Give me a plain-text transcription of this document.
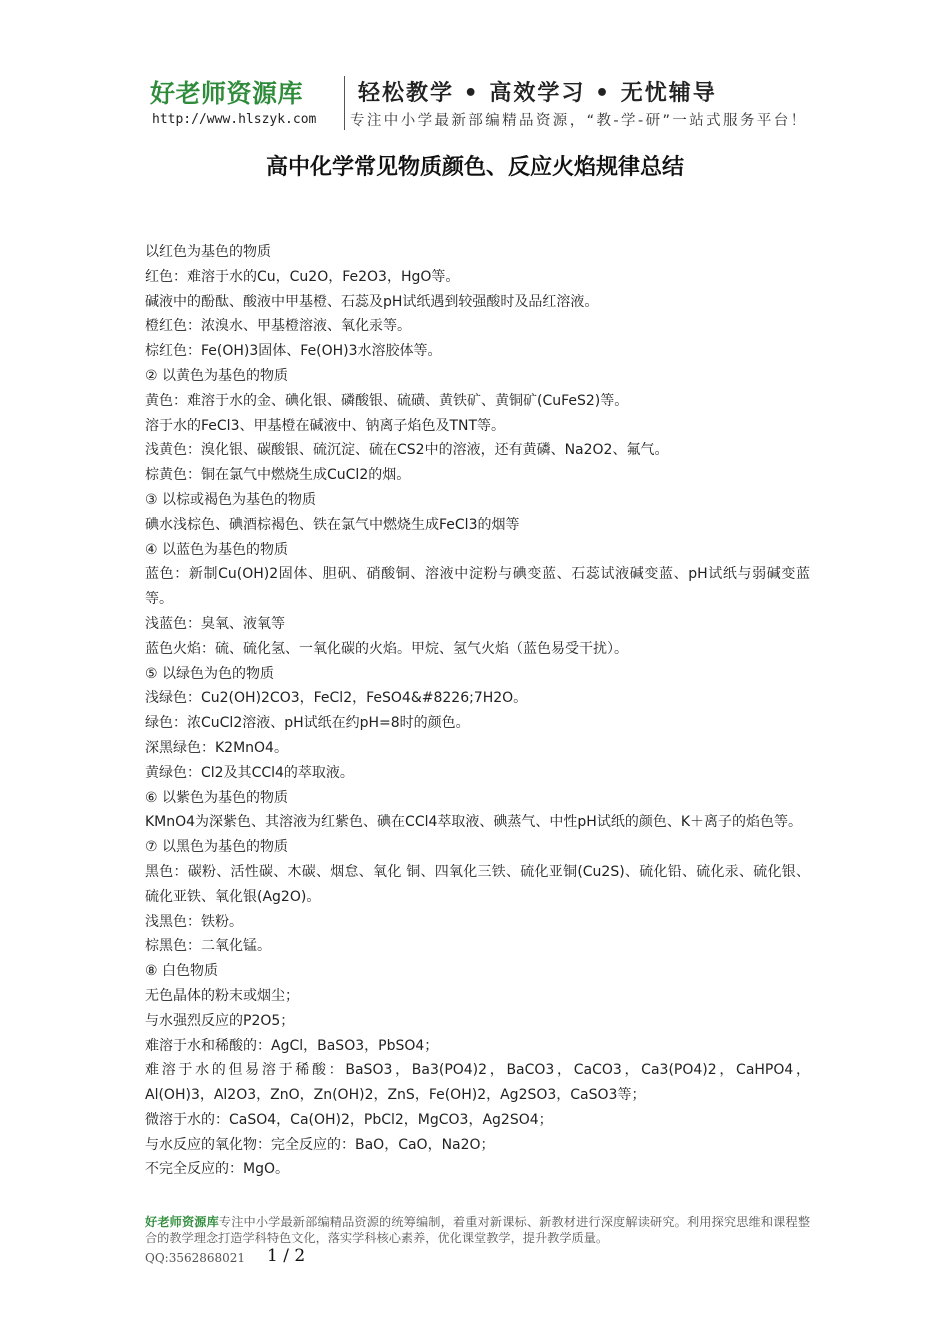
好老师资源库 轻松教学 • 高效学习 • 无忧辅导
http://www.hlszyk.com 专注中小学最新部编精品资源，“教-学-研”一站式服务平台！
高中化学常见物质颜色、反应火焰规律总结
以红色为基色的物质
红色：难溶于水的Cu，Cu2O，Fe2O3，HgO等。
碱液中的酚酞、酸液中甲基橙、石蕊及pH试纸遇到较强酸时及品红溶液。
橙红色：浓溴水、甲基橙溶液、氧化汞等。
棕红色：Fe(OH)3固体、Fe(OH)3水溶胶体等。
② 以黄色为基色的物质
黄色：难溶于水的金、碘化银、磷酸银、硫磺、黄铁矿、黄铜矿(CuFeS2)等。
溶于水的FeCl3、甲基橙在碱液中、钠离子焰色及TNT等。
浅黄色：溴化银、碳酸银、硫沉淀、硫在CS2中的溶液，还有黄磷、Na2O2、氟气。
棕黄色：铜在氯气中燃烧生成CuCl2的烟。
③ 以棕或褐色为基色的物质
碘水浅棕色、碘酒棕褐色、铁在氯气中燃烧生成FeCl3的烟等
④ 以蓝色为基色的物质
蓝色：新制Cu(OH)2固体、胆矾、硝酸铜、溶液中淀粉与碘变蓝、石蕊试液碱变蓝、pH试纸与弱碱变蓝等。
浅蓝色：臭氧、液氧等
蓝色火焰：硫、硫化氢、一氧化碳的火焰。甲烷、氢气火焰（蓝色易受干扰）。
⑤ 以绿色为色的物质
浅绿色：Cu2(OH)2CO3，FeCl2，FeSO4&#8226;7H2O。
绿色：浓CuCl2溶液、pH试纸在约pH=8时的颜色。
深黑绿色：K2MnO4。
黄绿色：Cl2及其CCl4的萃取液。
⑥ 以紫色为基色的物质
KMnO4为深紫色、其溶液为红紫色、碘在CCl4萃取液、碘蒸气、中性pH试纸的颜色、K＋离子的焰色等。
⑦ 以黑色为基色的物质
黑色：碳粉、活性碳、木碳、烟怠、氧化 铜、四氧化三铁、硫化亚铜(Cu2S)、硫化铅、硫化汞、硫化银、硫化亚铁、氧化银(Ag2O)。
浅黑色：铁粉。
棕黑色：二氧化锰。
⑧ 白色物质
无色晶体的粉末或烟尘；
与水强烈反应的P2O5；
难溶于水和稀酸的：AgCl，BaSO3，PbSO4；
难溶于水的但易溶于稀酸：BaSO3，Ba3(PO4)2，BaCO3，CaCO3，Ca3(PO4)2，CaHPO4，Al(OH)3，Al2O3，ZnO，Zn(OH)2，ZnS，Fe(OH)2，Ag2SO3，CaSO3等；
微溶于水的：CaSO4，Ca(OH)2，PbCl2，MgCO3，Ag2SO4；
与水反应的氧化物：完全反应的：BaO，CaO，Na2O；
不完全反应的：MgO。
好老师资源库专注中小学最新部编精品资源的统筹编制，着重对新课标、新教材进行深度解读研究。利用探究思维和课程整合的教学理念打造学科特色文化，落实学科核心素养，优化课堂教学，提升教学质量。
QQ:3562868021 1 / 2
